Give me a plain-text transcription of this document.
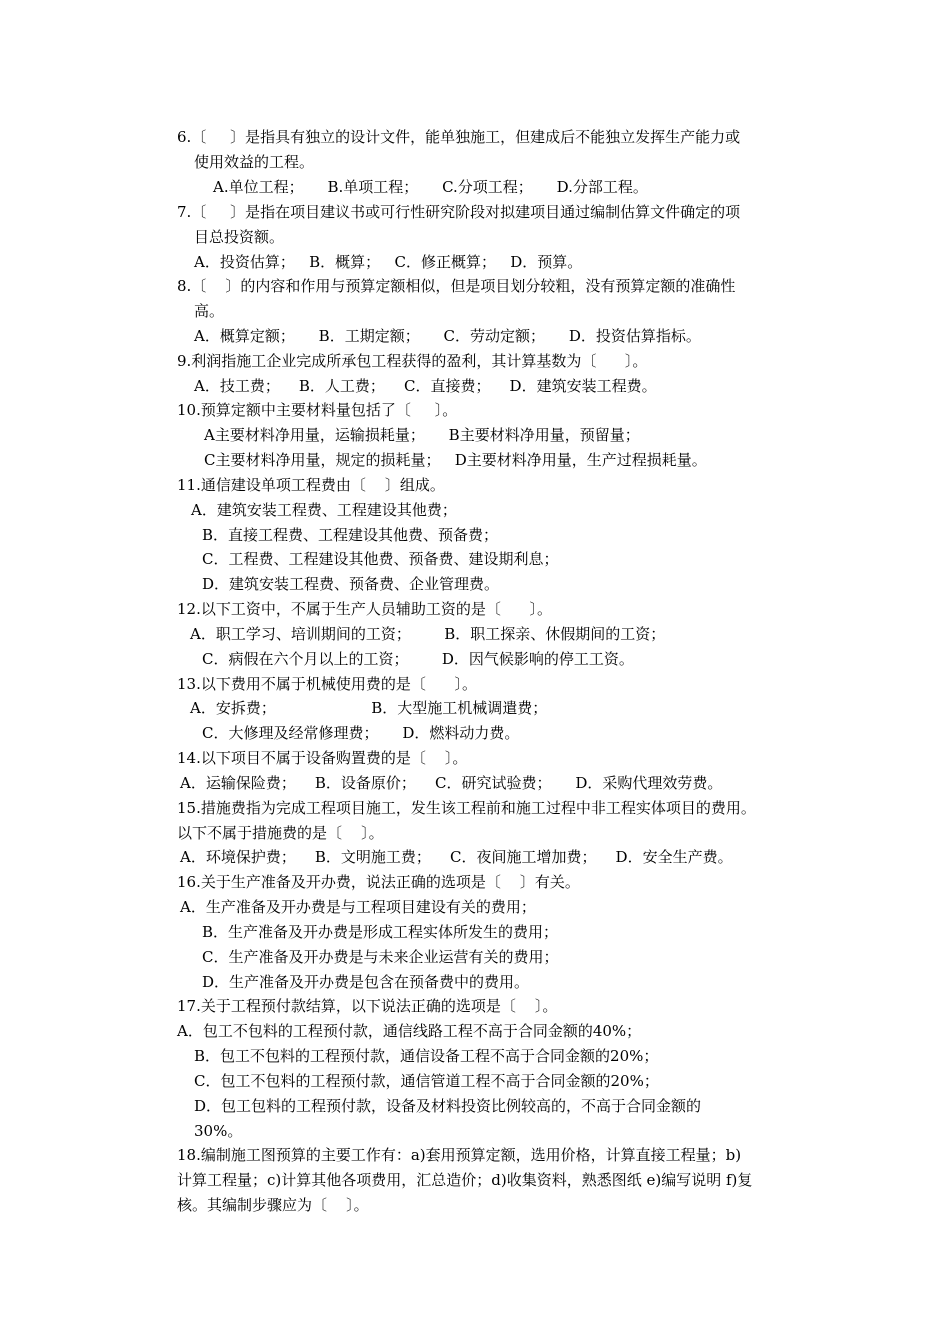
6.〔     〕是指具有独立的设计文件，能单独施工，但建成后不能独立发挥生产能力或
使用效益的工程。
A.单位工程；     B.单项工程；     C.分项工程；     D.分部工程。
7.〔     〕是指在项目建议书或可行性研究阶段对拟建项目通过编制估算文件确定的项
目总投资额。
A．投资估算；   B．概算；   C．修正概算；   D．预算。
8.〔    〕的内容和作用与预算定额相似，但是项目划分较粗，没有预算定额的准确性
高。
A．概算定额；     B．工期定额；     C．劳动定额；     D．投资估算指标。
9.利润指施工企业完成所承包工程获得的盈利，其计算基数为〔      〕。
A．技工费；    B．人工费；    C．直接费；    D．建筑安装工程费。
10.预算定额中主要材料量包括了〔     〕。
A主要材料净用量，运输损耗量；     B主要材料净用量，预留量；
C主要材料净用量，规定的损耗量；   D主要材料净用量，生产过程损耗量。
11.通信建设单项工程费由〔    〕组成。
A．建筑安装工程费、工程建设其他费；
B．直接工程费、工程建设其他费、预备费；
C．工程费、工程建设其他费、预备费、建设期利息；
D．建筑安装工程费、预备费、企业管理费。
12.以下工资中，不属于生产人员辅助工资的是〔      〕。
A．职工学习、培训期间的工资；       B．职工探亲、休假期间的工资；
C．病假在六个月以上的工资；       D．因气候影响的停工工资。
13.以下费用不属于机械使用费的是〔      〕。
A．安拆费；                    B．大型施工机械调遣费；
C．大修理及经常修理费；     D．燃料动力费。
14.以下项目不属于设备购置费的是〔    〕。
A．运输保险费；    B．设备原价；    C．研究试验费；     D．采购代理效劳费。
15.措施费指为完成工程项目施工，发生该工程前和施工过程中非工程实体项目的费用。
以下不属于措施费的是〔    〕。
A．环境保护费；    B．文明施工费；    C．夜间施工增加费；    D．安全生产费。
16.关于生产准备及开办费，说法正确的选项是〔    〕有关。
A．生产准备及开办费是与工程项目建设有关的费用；
B．生产准备及开办费是形成工程实体所发生的费用；
C．生产准备及开办费是与未来企业运营有关的费用；
D．生产准备及开办费是包含在预备费中的费用。
17.关于工程预付款结算，以下说法正确的选项是〔    〕。
A．包工不包料的工程预付款，通信线路工程不高于合同金额的40%；
B．包工不包料的工程预付款，通信设备工程不高于合同金额的20%；
C．包工不包料的工程预付款，通信管道工程不高于合同金额的20%；
D．包工包料的工程预付款，设备及材料投资比例较高的，不高于合同金额的
30%。
18.编制施工图预算的主要工作有：a)套用预算定额，选用价格，计算直接工程量；b)
计算工程量；c)计算其他各项费用，汇总造价；d)收集资料，熟悉图纸 e)编写说明 f)复
核。其编制步骤应为〔    〕。
